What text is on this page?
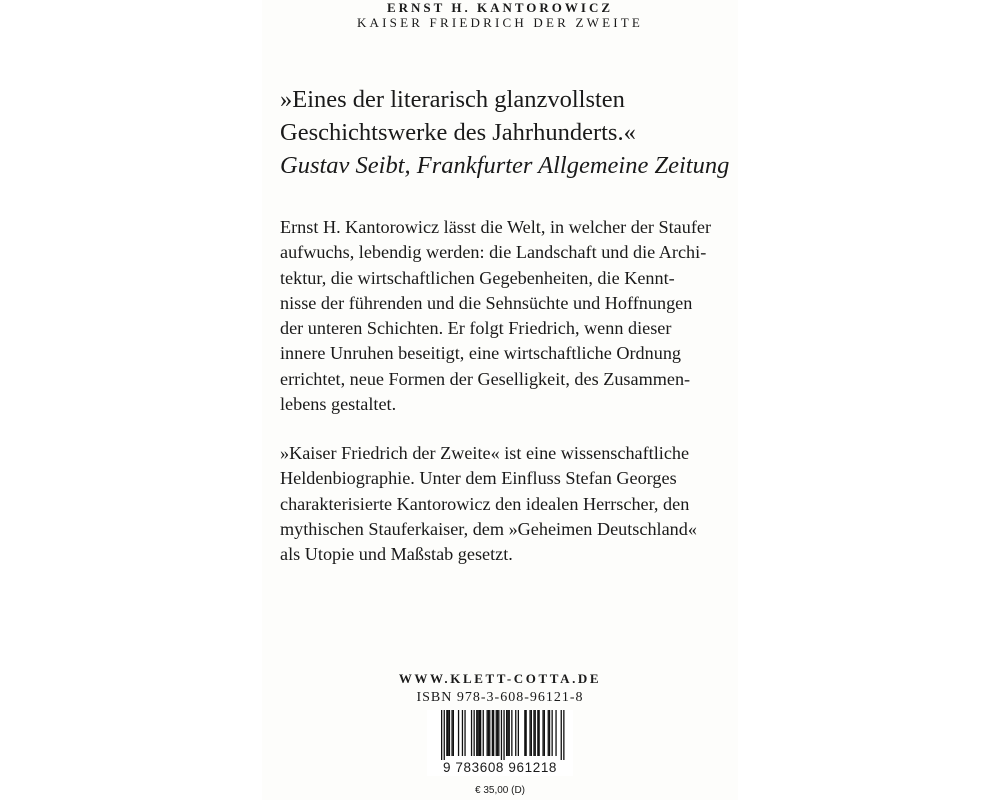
ERNST H. KANTOROWICZ
KAISER FRIEDRICH DER ZWEITE
»Eines der literarisch glanzvollsten
Geschichtswerke des Jahrhunderts.«
Gustav Seibt, Frankfurter Allgemeine Zeitung
Ernst H. Kantorowicz lässt die Welt, in welcher der Staufer
aufwuchs, lebendig werden: die Landschaft und die Archi-
tektur, die wirtschaftlichen Gegebenheiten, die Kennt-
nisse der führenden und die Sehnsüchte und Hoffnungen
der unteren Schichten. Er folgt Friedrich, wenn dieser
innere Unruhen beseitigt, eine wirtschaftliche Ordnung
errichtet, neue Formen der Geselligkeit, des Zusammen-
lebens gestaltet.
»Kaiser Friedrich der Zweite« ist eine wissenschaftliche
Heldenbiographie. Unter dem Einfluss Stefan Georges
charakterisierte Kantorowicz den idealen Herrscher, den
mythischen Stauferkaiser, dem »Geheimen Deutschland«
als Utopie und Maßstab gesetzt.
WWW.KLETT-COTTA.DE
ISBN 978-3-608-96121-8
9 783608 961218
€ 35,00 (D)
